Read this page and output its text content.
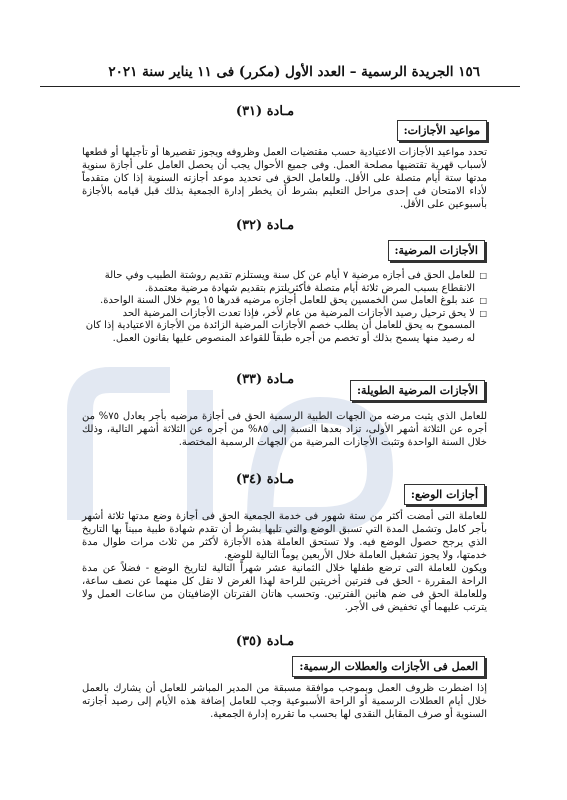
١٥٦ الجريدة الرسمية – العدد الأول (مكرر) فى ١١ يناير سنة ٢٠٢١
مـادة (٣١)
مواعيد الأجازات:

تحدد مواعيد الأجازات الاعتيادية حسب مقتضيات العمل وظروفه ويجوز تقصيرها أو تأجيلها أو قطعها لأسباب قهرية تقتضيها مصلحة العمل. وفى جميع الأحوال يجب أن يحصل العامل على أجازة سنوية مدتها ستة أيام متصلة على الأقل. وللعامل الحق فى تحديد موعد أجازته السنوية إذا كان متقدماً لأداء الامتحان فى إحدى مراحل التعليم بشرط أن يخطر إدارة الجمعية بذلك قبل قيامه بالأجازة بأسبوعين على الأقل.

مـادة (٣٢)
الأجازات المرضية:
□ للعامل الحق فى أجازه مرضية ٧ أيام عن كل سنة ويستلزم تقديم روشتة الطبيب وفي حالة الانقطاع بسبب المرض ثلاثة أيام متصلة فأكثريلتزم بتقديم شهادة مرضية معتمدة.
□ عند بلوغ العامل سن الخمسين يحق للعامل أجازه مرضيه قدرها ١٥ يوم خلال السنة الواحدة.
□ لا يحق ترحيل رصيد الأجازات المرضية من عام لأخر، فإذا تعدت الأجازات المرضية الحد المسموح به يحق للعامل أن يطلب خصم الأجازات المرضية الزائدة من الأجازة الاعتيادية إذا كان له رصيد منها يسمح بذلك أو تخصم من أجره طبقاً للقواعد المنصوص عليها بقانون العمل.
مـادة (٣٣)
الأجازات المرضية الطويلة:

للعامل الذي يثبت مرضه من الجهات الطبية الرسمية الحق فى أجازة مرضيه بأجر يعادل ٧٥% من أجره عن الثلاثة أشهر الأولى، تزاد بعدها النسبة إلى ٨٥% من أجره عن الثلاثة أشهر التالية، وذلك خلال السنة الواحدة وتثبت الأجازات المرضية من الجهات الرسمية المختصة.

مـادة (٣٤)
أجازات الوضع:

للعاملة التى أمضت أكثر من ستة شهور فى خدمة الجمعية الحق فى أجازة وضع مدتها ثلاثة أشهر بأجر كامل وتشمل المدة التي تسبق الوضع والتي تليها بشرط أن تقدم شهادة طبية مبيناً بها التاريخ الذي يرجح حصول الوضع فيه. ولا تستحق العاملة هذه الأجازة لأكثر من ثلاث مرات طوال مدة خدمتها، ولا يجوز تشغيل العاملة خلال الأربعين يوماً التالية للوضع.

ويكون للعاملة التى ترضع طفلها خلال الثمانية عشر شهراً التالية لتاريخ الوضع - فضلاً عن مدة الراحة المقررة - الحق فى فترتين أخريتين للراحة لهذا الغرض لا تقل كل منهما عن نصف ساعة، وللعاملة الحق فى ضم هاتين الفترتين. وتحسب هاتان الفترتان الإضافيتان من ساعات العمل ولا يترتب عليهما أي تخفيض فى الأجر.

مـادة (٣٥)
العمل فى الأجازات والعطلات الرسمية:

إذا اضطرت ظروف العمل وبموجب موافقة مسبقة من المدير المباشر للعامل أن يشارك بالعمل خلال أيام العطلات الرسمية أو الراحة الأسبوعية وجب للعامل إضافة هذه الأيام إلى رصيد أجازته السنوية أو صرف المقابل النقدى لها بحسب ما تقرره إدارة الجمعية.
